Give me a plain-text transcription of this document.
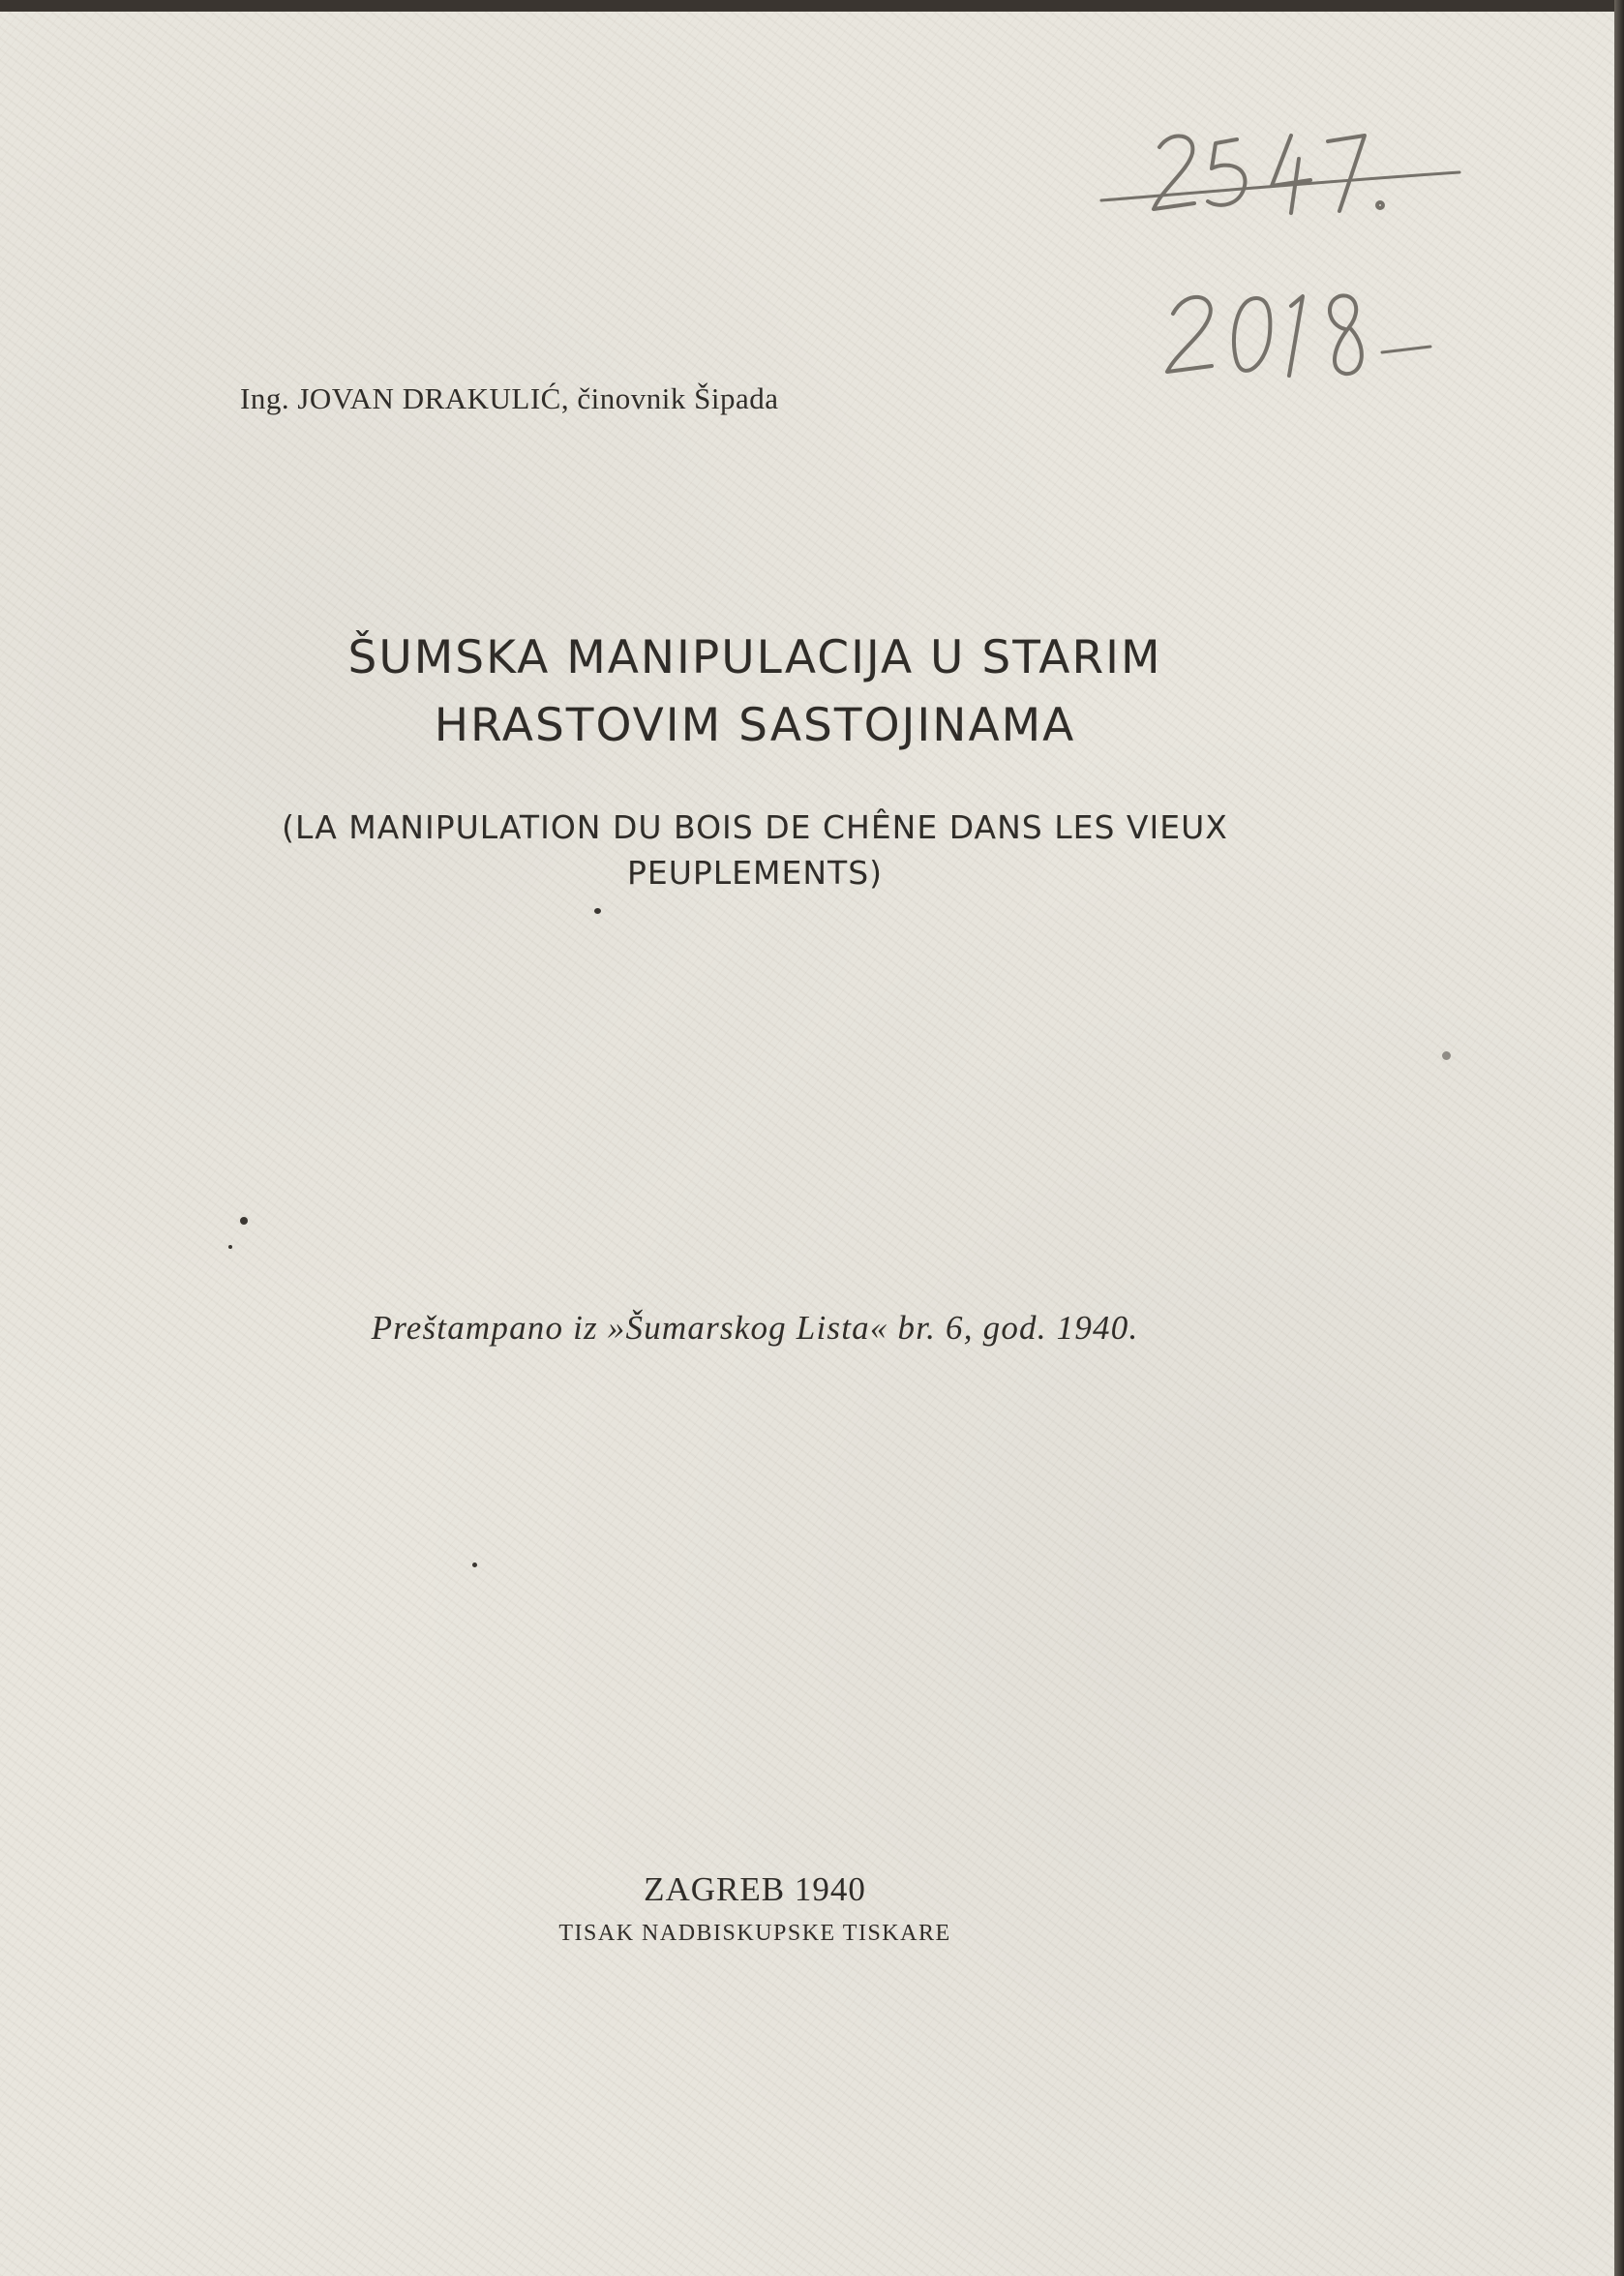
Ing. JOVAN DRAKULIĆ, činovnik Šipada
ŠUMSKA MANIPULACIJA U STARIM
HRASTOVIM SASTOJINAMA
(LA MANIPULATION DU BOIS DE CHÊNE DANS LES VIEUX
PEUPLEMENTS)
Preštampano iz »Šumarskog Lista« br. 6, god. 1940.
ZAGREB 1940
TISAK NADBISKUPSKE TISKARE
